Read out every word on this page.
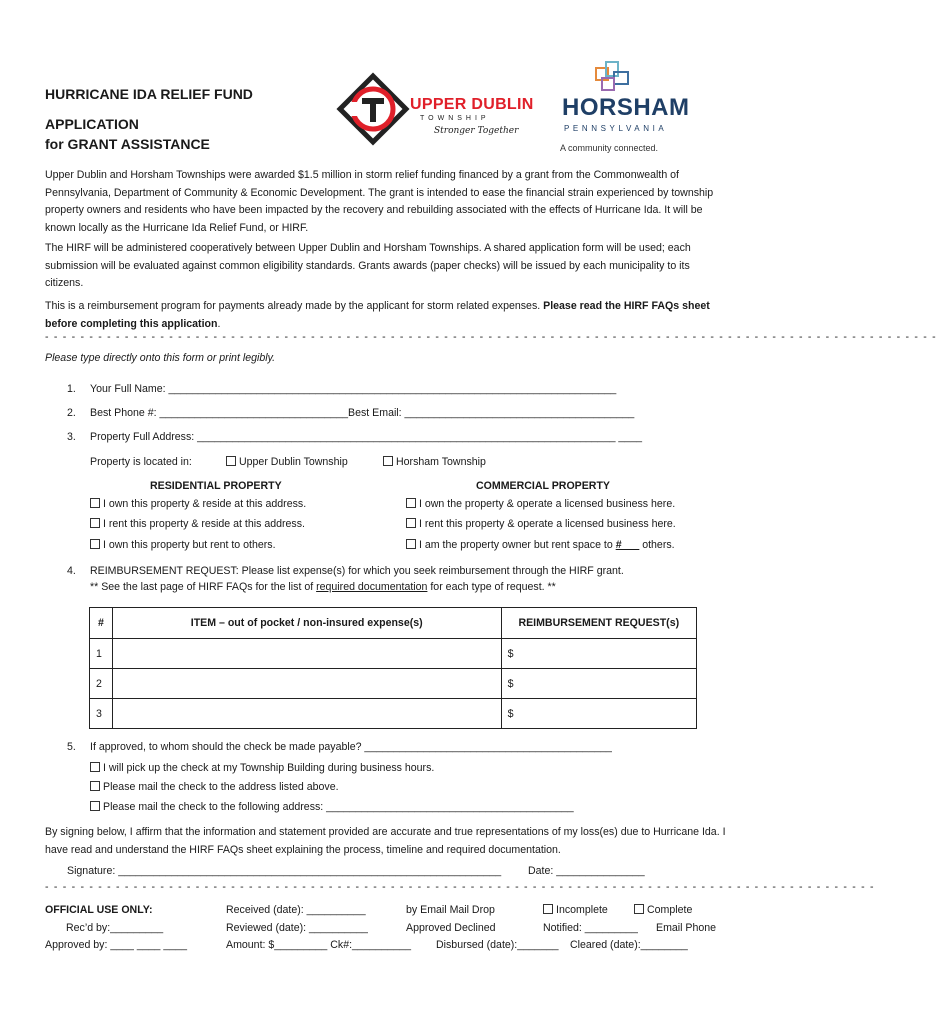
HURRICANE IDA RELIEF FUND
APPLICATION
for GRANT ASSISTANCE
UPPER DUBLIN
TOWNSHIP
Stronger Together
HORSHAM
PENNSYLVANIA
A community connected.
Upper Dublin and Horsham Townships were awarded $1.5 million in storm relief funding financed by a grant from the Commonwealth of Pennsylvania, Department of Community & Economic Development. The grant is intended to ease the financial strain experienced by township property owners and residents who have been impacted by the recovery and rebuilding associated with the effects of Hurricane Ida. It will be known locally as the Hurricane Ida Relief Fund, or HIRF.
The HIRF will be administered cooperatively between Upper Dublin and Horsham Townships. A shared application form will be used; each submission will be evaluated against common eligibility standards. Grants awards (paper checks) will be issued by each municipality to its citizens.
This is a reimbursement program for payments already made by the applicant for storm related expenses. Please read the HIRF FAQs sheet before completing this application.
- - - - - - - - - - - - - - - - - - - - - - - - - - - - - - - - - - - - - - - - - - - - - - - - - - - - - - - - - - - - - - - - - - - - - - - - - - - - - - - - - - - - - - - - - - - - - - - - - - - - -
Please type directly onto this form or print legibly.
1. Your Full Name: ____________________________________________________________________________
2. Best Phone #: ________________________________Best Email: _______________________________________
3. Property Full Address: _______________________________________________________________________ ____
Property is located in:	Upper Dublin Township	Horsham Township
RESIDENTIAL PROPERTY	COMMERCIAL PROPERTY
I own this property & reside at this address.
I rent this property & reside at this address.
I own this property but rent to others.
I own the property & operate a licensed business here.
I rent this property & operate a licensed business here.
I am the property owner but rent space to #___ others.
4. REIMBURSEMENT REQUEST: Please list expense(s) for which you seek reimbursement through the HIRF grant.
** See the last page of HIRF FAQs for the list of required documentation for each type of request. **
#	ITEM – out of pocket / non-insured expense(s)	REIMBURSEMENT REQUEST(s)
1		$
2		$
3		$
5. If approved, to whom should the check be made payable? __________________________________________
I will pick up the check at my Township Building during business hours.
Please mail the check to the address listed above.
Please mail the check to the following address: __________________________________________
By signing below, I affirm that the information and statement provided are accurate and true representations of my loss(es) due to Hurricane Ida. I have read and understand the HIRF FAQs sheet explaining the process, timeline and required documentation.
Signature: _________________________________________________________________	Date: _______________
- - - - - - - - - - - - - - - - - - - - - - - - - - - - - - - - - - - - - - - - - - - - - - - - - - - - - - - - - - - - - - - - - - - - - - - - - - - - - - - - - - - - - - - - - - - - - -
OFFICIAL USE ONLY:
Rec’d by:_________
Approved by: ____ ____ ____
Received (date): __________
Reviewed (date): __________
Amount: $_________ Ck#:__________
by Email Mail Drop
Approved Declined
Disbursed (date):_______
Incomplete	Complete
Notified: _________ Email Phone
Cleared (date):________
